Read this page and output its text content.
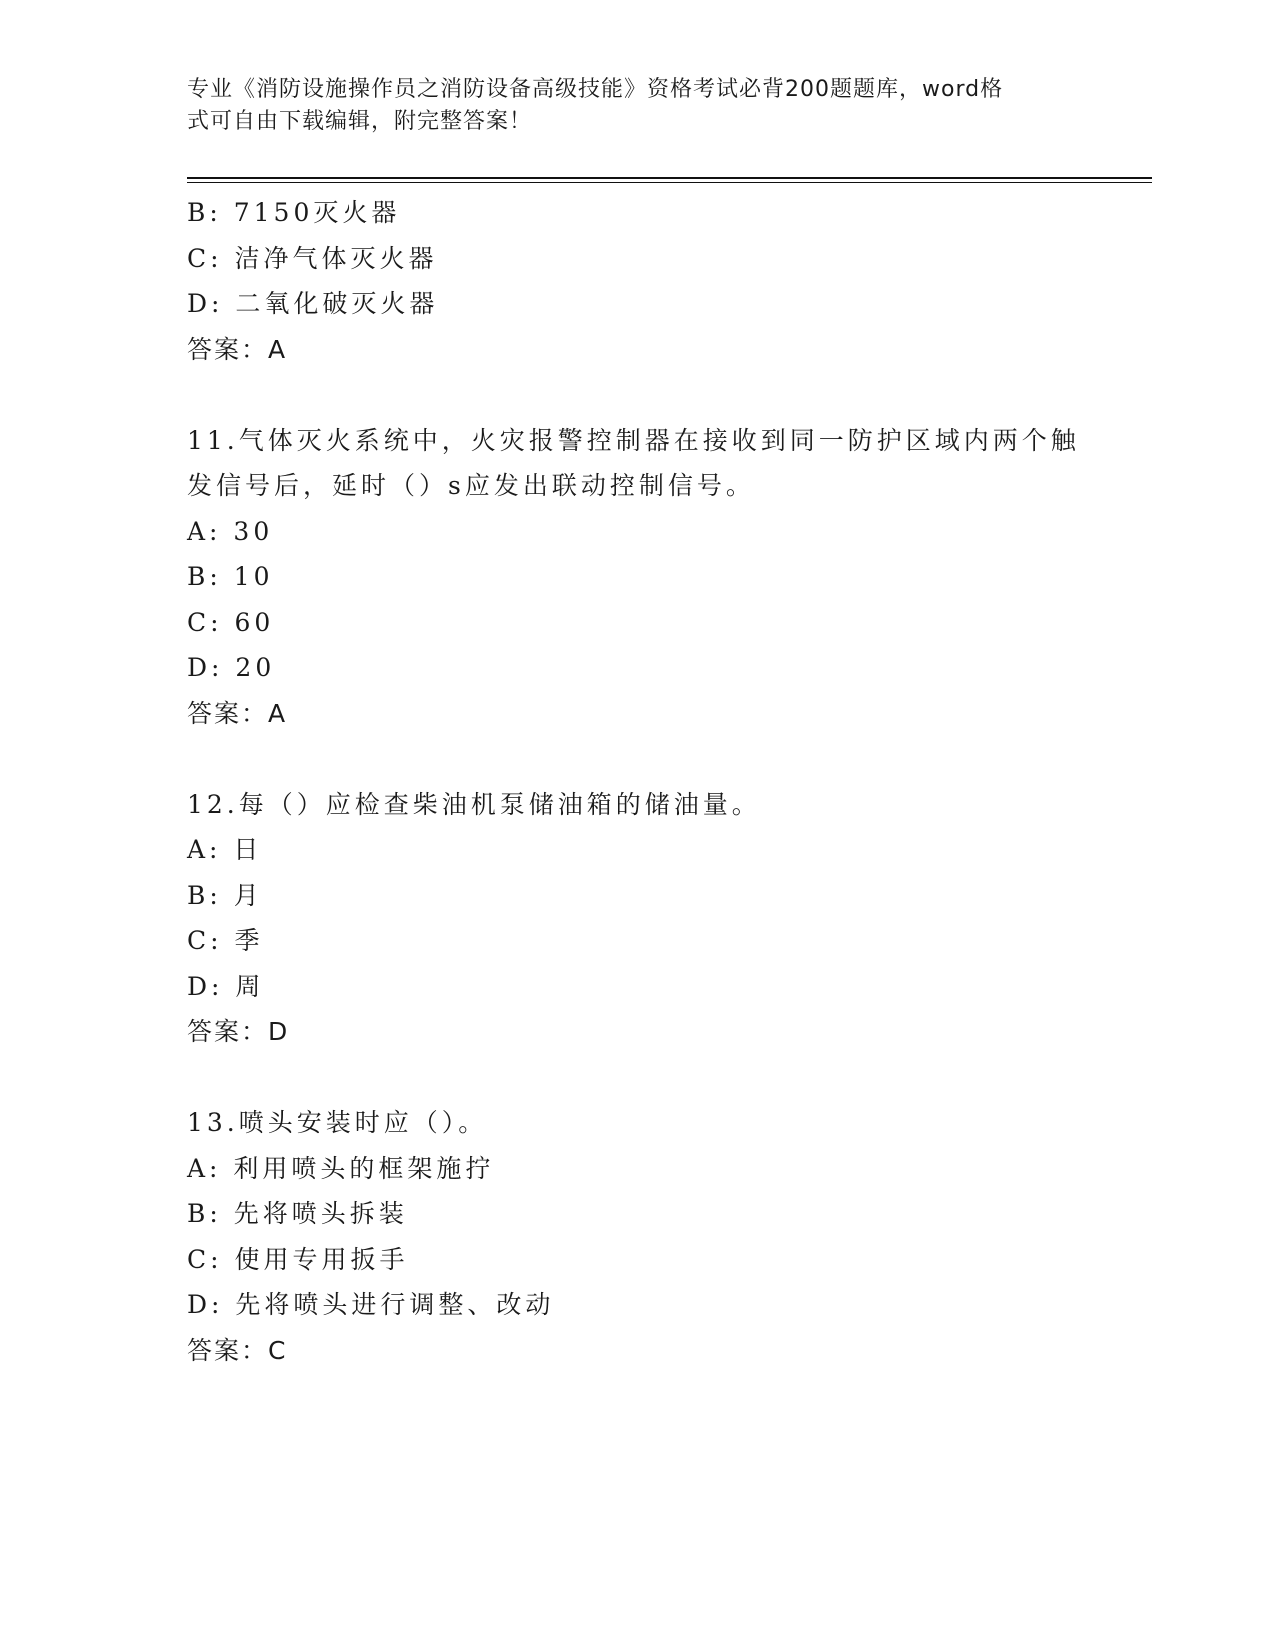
专业《消防设施操作员之消防设备高级技能》资格考试必背200题题库，word格
式可自由下载编辑，附完整答案！
B: 7150灭火器
C: 洁净气体灭火器
D: 二氧化破灭火器
答案：A
11.气体灭火系统中，火灾报警控制器在接收到同一防护区域内两个触
发信号后，延时（）s应发出联动控制信号。
A: 30
B: 10
C: 60
D: 20
答案：A
12.每（）应检查柴油机泵储油箱的储油量。
A: 日
B: 月
C: 季
D: 周
答案：D
13.喷头安装时应（）。
A: 利用喷头的框架施拧
B: 先将喷头拆装
C: 使用专用扳手
D: 先将喷头进行调整、改动
答案：C
